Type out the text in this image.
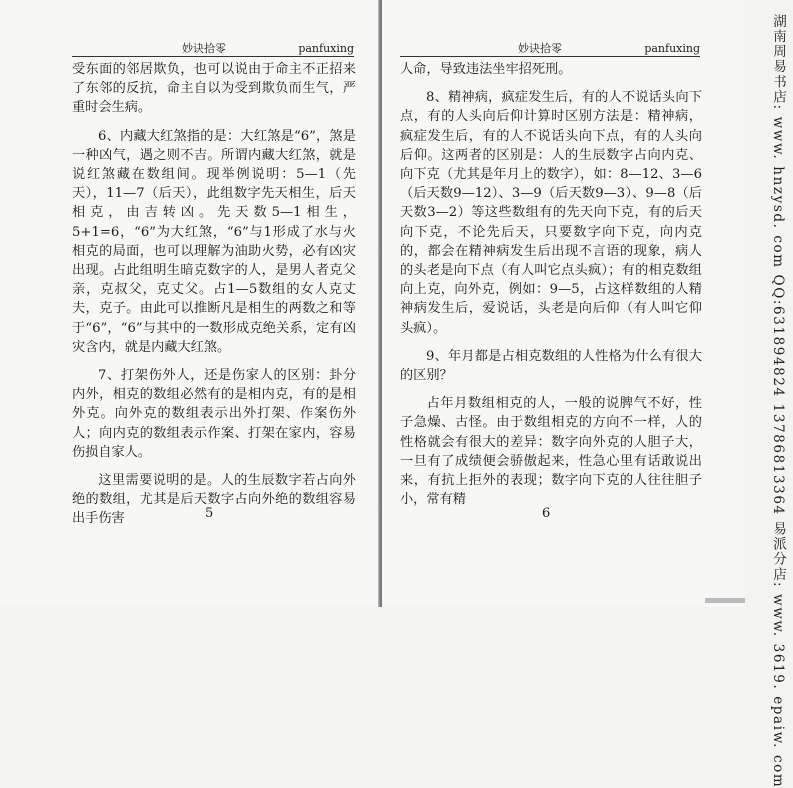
妙诀拾零	panfuxing

受东面的邻居欺负，也可以说由于命主不正招来了东邻的反抗，命主自以为受到欺负而生气，严重时会生病。

6、内藏大红煞指的是：大红煞是“6”，煞是一种凶气，遇之则不吉。所谓内藏大红煞，就是说红煞藏在数组间。现举例说明：5—1（先天），11—7（后天），此组数字先天相生，后天相克，由吉转凶。先天数5—1相生，5+1=6，“6”为大红煞，“6”与1形成了水与火相克的局面，也可以理解为油助火势，必有凶灾出现。占此组明生暗克数字的人，是男人者克父亲，克叔父，克丈父。占1—5数组的女人克丈夫，克子。由此可以推断凡是相生的两数之和等于“6”，“6”与其中的一数形成克绝关系，定有凶灾含内，就是内藏大红煞。

7、打架伤外人，还是伤家人的区别：卦分内外，相克的数组必然有的是相内克，有的是相外克。向外克的数组表示出外打架、作案伤外人；向内克的数组表示作案、打架在家内，容易伤损自家人。

这里需要说明的是。人的生辰数字若占向外绝的数组，尤其是后天数字占向外绝的数组容易出手伤害	5
妙诀拾零	panfuxing

人命，导致违法坐牢招死刑。

8、精神病，疯症发生后，有的人不说话头向下点，有的人头向后仰计算时区别方法是：精神病，疯症发生后，有的人不说话头向下点，有的人头向后仰。这两者的区别是：人的生辰数字占向内克、向下克（尤其是年月上的数字），如：8—12、3—6（后天数9—12）、3—9（后天数9—3）、9—8（后天数3—2）等这些数组有的先天向下克，有的后天向下克，不论先后天，只要数字向下克，向内克的，都会在精神病发生后出现不言语的现象，病人的头老是向下点（有人叫它点头疯）；有的相克数组向上克，向外克，例如：9—5，占这样数组的人精神病发生后，爱说话，头老是向后仰（有人叫它仰头疯）。

9、年月都是占相克数组的人性格为什么有很大的区别？

占年月数组相克的人，一般的说脾气不好，性子急燥、古怪。由于数组相克的方向不一样，人的性格就会有很大的差异：数字向外克的人胆子大，一旦有了成绩便会骄傲起来，性急心里有话敢说出来，有抗上拒外的表现；数字向下克的人往往胆子小，常有精

6	湖南周易书店: www. hnzysd. com QQ:631894824 13786813364 易派分店: www. 3619. epaiw. com
